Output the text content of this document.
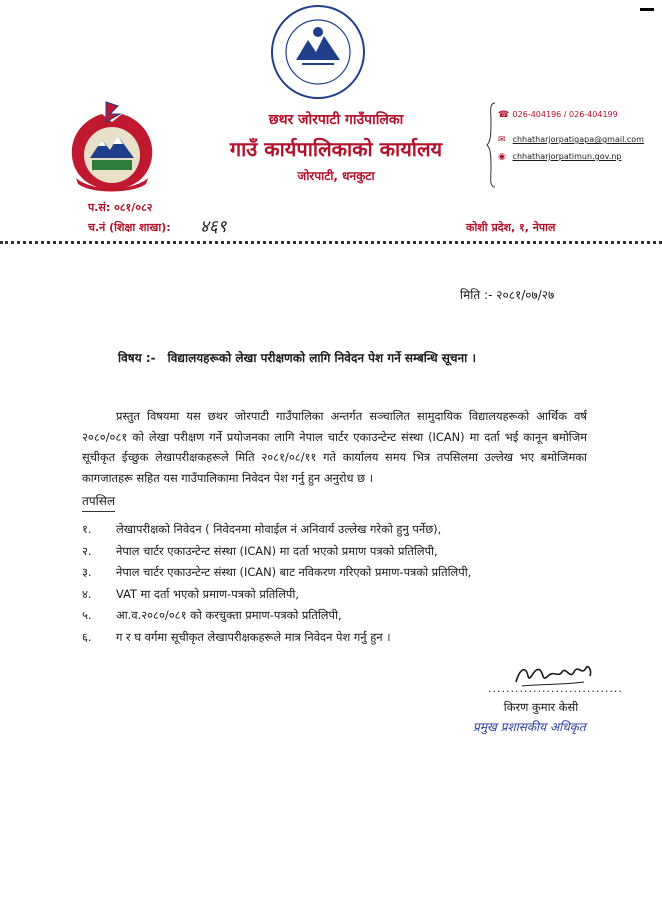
छथर जोरपाटी गाउँपालिका
गाउँ कार्यपालिकाको कार्यालय
जोरपाटी, धनकुटा
☎ 026-404196 / 026-404199
✉ chhatharjorpatigapa@gmail.com
◉ chhatharjorpatimun.gov.np
प.सं: ०८१/०८२
च.नं (शिक्षा शाखा): ४६९	कोशी प्रदेश, १, नेपाल
मिति :- २०८१/०७/२७
विषय :- विद्यालयहरूको लेखा परीक्षणको लागि निवेदन पेश गर्ने सम्बन्धि सूचना ।
प्रस्तुत विषयमा यस छथर जोरपाटी गाउँपालिका अन्तर्गत सञ्चालित सामुदायिक विद्यालयहरूको आर्थिक वर्ष २०८०/०८१ को लेखा परीक्षण गर्ने प्रयोजनका लागि नेपाल चार्टर एकाउन्टेन्ट संस्था (ICAN) मा दर्ता भई कानून बमोजिम सूचीकृत ईच्छुक लेखापरीक्षकहरूले मिति २०८१/०८/११ गते कार्यालय समय भित्र तपसिलमा उल्लेख भए बमोजिमका कागजातहरू सहित यस गाउँपालिकामा निवेदन पेश गर्नु हुन अनुरोध छ ।
तपसिल
१. लेखापरीक्षको निवेदन ( निवेदनमा मोवाईल नं अनिवार्य उल्लेख गरेको हुनु पर्नेछ),
२. नेपाल चार्टर एकाउन्टेन्ट संस्था (ICAN) मा दर्ता भएको प्रमाण पत्रको प्रतिलिपी,
३. नेपाल चार्टर एकाउन्टेन्ट संस्था (ICAN) बाट नविकरण गरिएको प्रमाण-पत्रको प्रतिलिपी,
४. VAT मा दर्ता भएको प्रमाण-पत्रको प्रतिलिपी,
५. आ.व.२०८०/०८१ को करचुक्ता प्रमाण-पत्रको प्रतिलिपी,
६. ग र घ वर्गमा सूचीकृत लेखापरीक्षकहरूले मात्र निवेदन पेश गर्नु हुन ।
..............................
किरण कुमार केसी
प्रमुख प्रशासकीय अधिकृत
